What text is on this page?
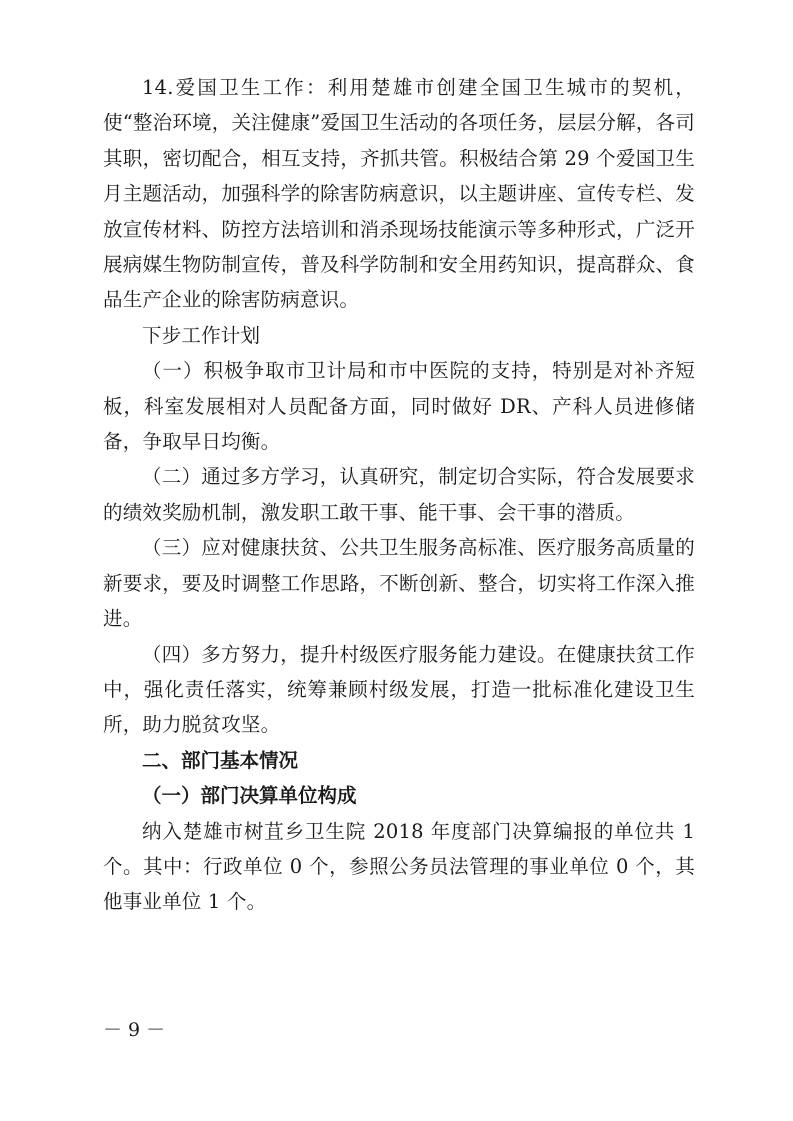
14.爱国卫生工作：利用楚雄市创建全国卫生城市的契机，使“整治环境，关注健康”爱国卫生活动的各项任务，层层分解，各司其职，密切配合，相互支持，齐抓共管。积极结合第 29 个爱国卫生月主题活动，加强科学的除害防病意识，以主题讲座、宣传专栏、发放宣传材料、防控方法培训和消杀现场技能演示等多种形式，广泛开展病媒生物防制宣传，普及科学防制和安全用药知识，提高群众、食品生产企业的除害防病意识。

下步工作计划

（一）积极争取市卫计局和市中医院的支持，特别是对补齐短板，科室发展相对人员配备方面，同时做好 DR、产科人员进修储备，争取早日均衡。

（二）通过多方学习，认真研究，制定切合实际，符合发展要求的绩效奖励机制，激发职工敢干事、能干事、会干事的潜质。

（三）应对健康扶贫、公共卫生服务高标准、医疗服务高质量的新要求，要及时调整工作思路，不断创新、整合，切实将工作深入推进。

（四）多方努力，提升村级医疗服务能力建设。在健康扶贫工作中，强化责任落实，统筹兼顾村级发展，打造一批标准化建设卫生所，助力脱贫攻坚。

二、部门基本情况

（一）部门决算单位构成

纳入楚雄市树苴乡卫生院 2018 年度部门决算编报的单位共 1 个。其中：行政单位 0 个，参照公务员法管理的事业单位 0 个，其他事业单位 1 个。

－ 9 －
